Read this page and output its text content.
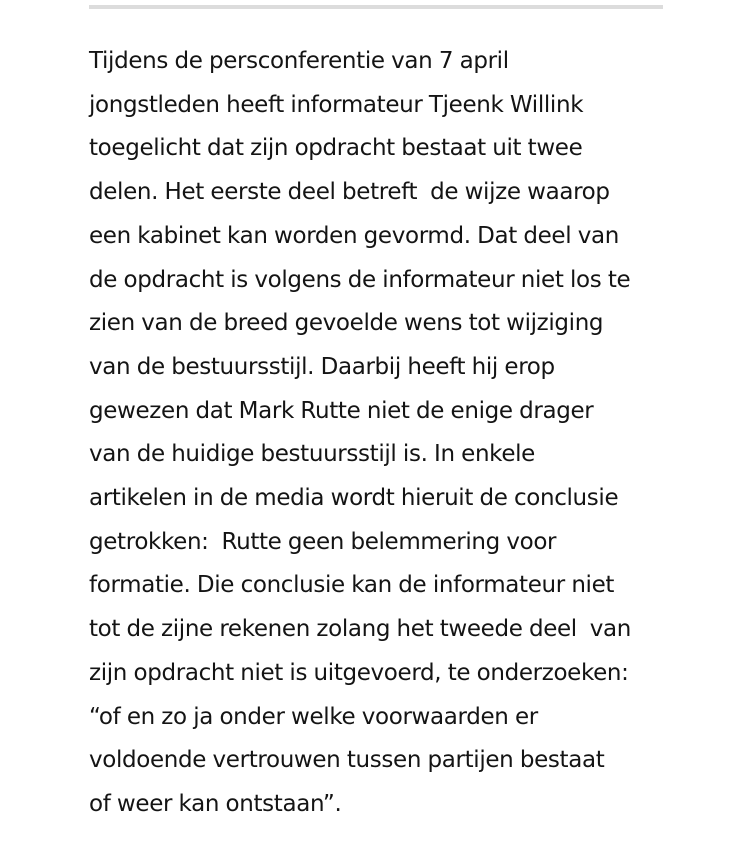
Tijdens de persconferentie van 7 april
jongstleden heeft informateur Tjeenk Willink
toegelicht dat zijn opdracht bestaat uit twee
delen. Het eerste deel betreft  de wijze waarop
een kabinet kan worden gevormd. Dat deel van
de opdracht is volgens de informateur niet los te
zien van de breed gevoelde wens tot wijziging
van de bestuursstijl. Daarbij heeft hij erop
gewezen dat Mark Rutte niet de enige drager
van de huidige bestuursstijl is. In enkele
artikelen in de media wordt hieruit de conclusie
getrokken:  Rutte geen belemmering voor
formatie. Die conclusie kan de informateur niet
tot de zijne rekenen zolang het tweede deel  van
zijn opdracht niet is uitgevoerd, te onderzoeken:
“of en zo ja onder welke voorwaarden er
voldoende vertrouwen tussen partijen bestaat
of weer kan ontstaan”.
